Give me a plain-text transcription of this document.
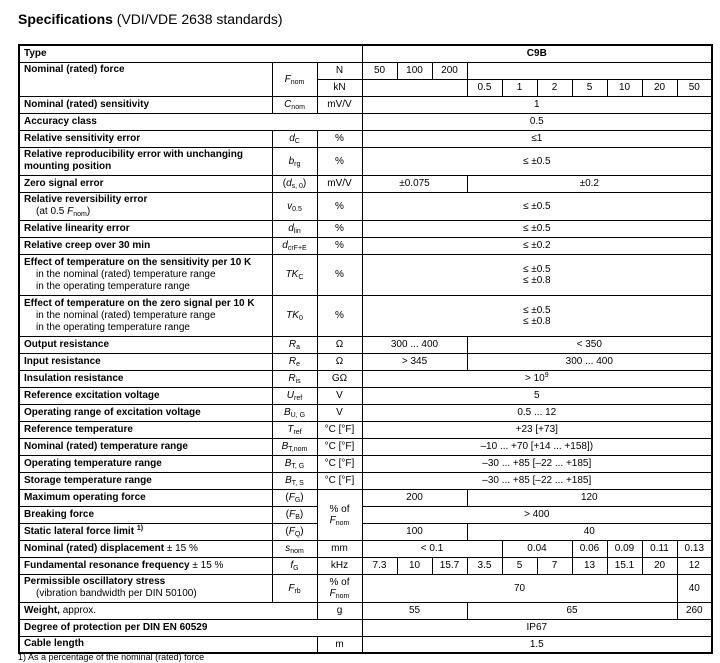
Specifications (VDI/VDE 2638 standards)
Type			C9B									

Nominal (rated) force	$F_{nom}$	N	50	100	200							
		kN				0.5	1	2	5	10	20	50

Nominal (rated) sensitivity	$C_{nom}$	mV/V	1									

Accuracy class			0.5									

Relative sensitivity error	$d_C$	%	≤1									

Relative reproducibility error with unchanging
mounting position	$b_{rg}$	%	≤ ±0.5									

Zero signal error	$(d_{s, 0})$	mV/V	±0.075			±0.2						

Relative reversibility error
(at 0.5 $F_{nom}$)	$v_{0.5}$	%	≤ ±0.5									

Relative linearity error	$d_{lin}$	%	≤ ±0.5									

Relative creep over 30 min	$d_{crF+E}$	%	≤ ±0.2									

Effect of temperature on the sensitivity per 10 K
in the nominal (rated) temperature range
in the operating temperature range
	$TK_C$	%	≤ ±0.5
≤ ±0.8

Effect of temperature on the zero signal per 10 K
in the nominal (rated) temperature range
in the operating temperature range
	$TK_0$	%	≤ ±0.5
≤ ±0.8

Output resistance	$R_a$	Ω	300 ... 400			< 350						

Input resistance	$R_e$	Ω	> 345			300 ... 400						

Insulation resistance	$R_{is}$	GΩ	> $10^9$

Reference excitation voltage	$U_{ref}$	V	5									

Operating range of excitation voltage	$B_{U, G}$	V	0.5 ... 12									

Reference temperature	$T_{ref}$	°C [°F]	+23 [+73]									

Nominal (rated) temperature range	$B_{T,nom}$	°C [°F]	–10 ... +70 [+14 ... +158])									

Operating temperature range	$B_{T, G}$	°C [°F]	–30 ... +85 [–22 ... +185]									

Storage temperature range	$B_{T, S}$	°C [°F]	–30 ... +85 [–22 ... +185]									

Maximum operating force	$(F_G)$	% of
$F_{nom}$	200			120						

Breaking force	$(F_B)$		> 400									

Static lateral force limit $^{1)}$	$(F_Q)$		100			40						

Nominal (rated) displacement ± 15 %	$s_{nom}$	mm	< 0.1				0.04		0.06	0.09	0.11	0.13

Fundamental resonance frequency ± 15 %	$f_G$	kHz	7.3	10	15.7	3.5	5	7	13	15.1	20	12

Permissible oscillatory stress
(vibration bandwidth per DIN 50100)	$F_{rb}$	% of
$F_{nom}$	70	40

Weight, approx.		g	55			65						260

Degree of protection per DIN EN 60529			IP67									

Cable length		m	1.5									
1) As a percentage of the nominal (rated) force
